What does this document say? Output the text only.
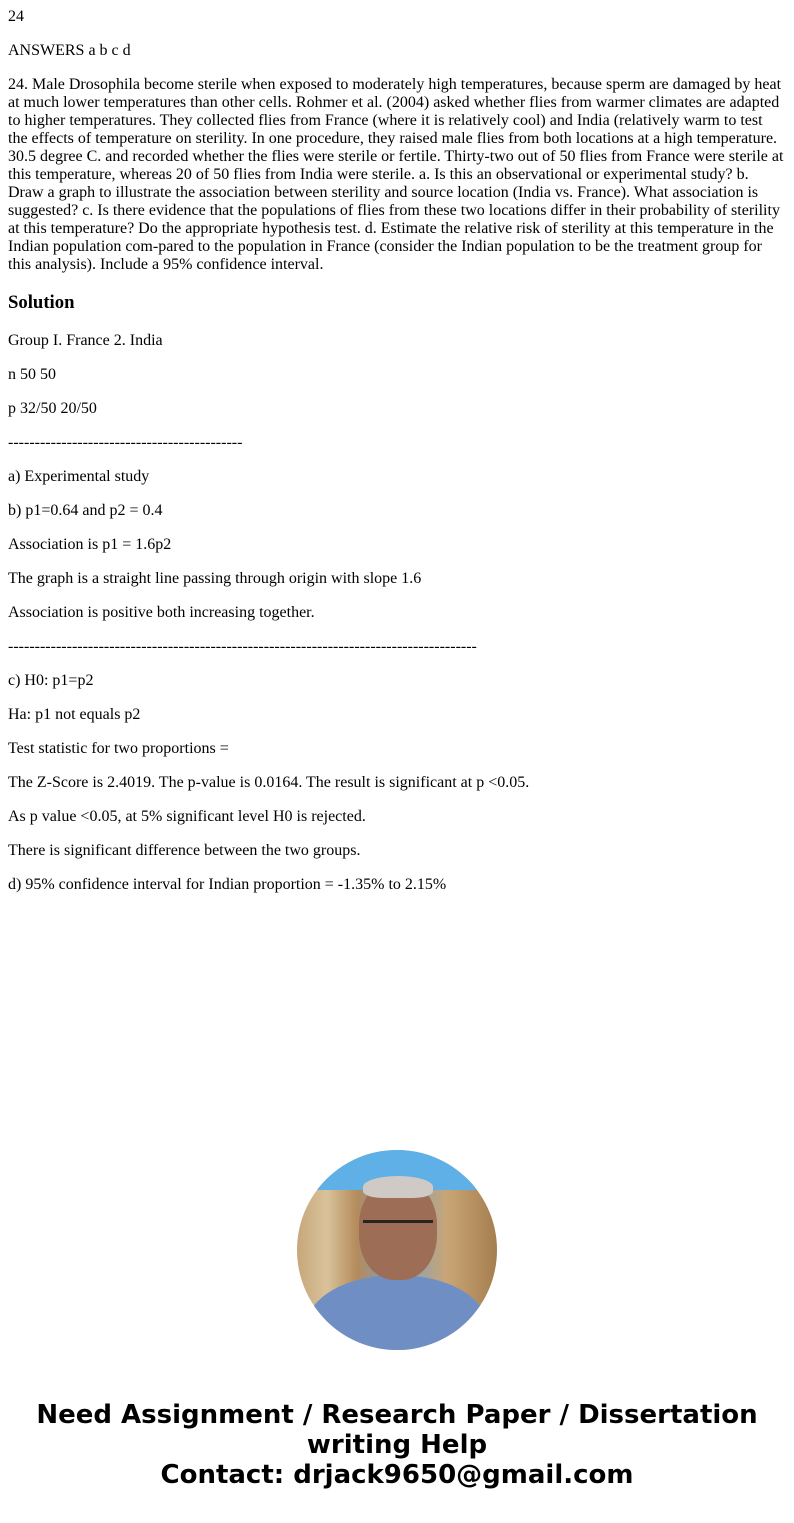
24

ANSWERS a b c d

24. Male Drosophila become sterile when exposed to moderately high temperatures, because sperm are damaged by heat at much lower temperatures than other cells. Rohmer et al. (2004) asked whether flies from warmer climates are adapted to higher temperatures. They collected flies from France (where it is relatively cool) and India (relatively warm to test the effects of temperature on sterility. In one procedure, they raised male flies from both locations at a high temperature. 30.5 degree C. and recorded whether the flies were sterile or fertile. Thirty-two out of 50 flies from France were sterile at this temperature, whereas 20 of 50 flies from India were sterile. a. Is this an observational or experimental study? b. Draw a graph to illustrate the association between sterility and source location (India vs. France). What association is suggested? c. Is there evidence that the populations of flies from these two locations differ in their probability of sterility at this temperature? Do the appropriate hypothesis test. d. Estimate the relative risk of sterility at this temperature in the Indian population com-pared to the population in France (consider the Indian population to be the treatment group for this analysis). Include a 95% confidence interval.

Solution

Group I. France 2. India

n 50 50

p 32/50 20/50

--------------------------------------------

a) Experimental study

b) p1=0.64 and p2 = 0.4

Association is p1 = 1.6p2

The graph is a straight line passing through origin with slope 1.6

Association is positive both increasing together.

----------------------------------------------------------------------------------------

c) H0: p1=p2

Ha: p1 not equals p2

Test statistic for two proportions =

The Z-Score is 2.4019. The p-value is 0.0164. The result is significant at p <0.05.

As p value <0.05, at 5% significant level H0 is rejected.

There is significant difference between the two groups.

d) 95% confidence interval for Indian proportion = -1.35% to 2.15%

Need Assignment / Research Paper / Dissertation writing Help
Contact: drjack9650@gmail.com
